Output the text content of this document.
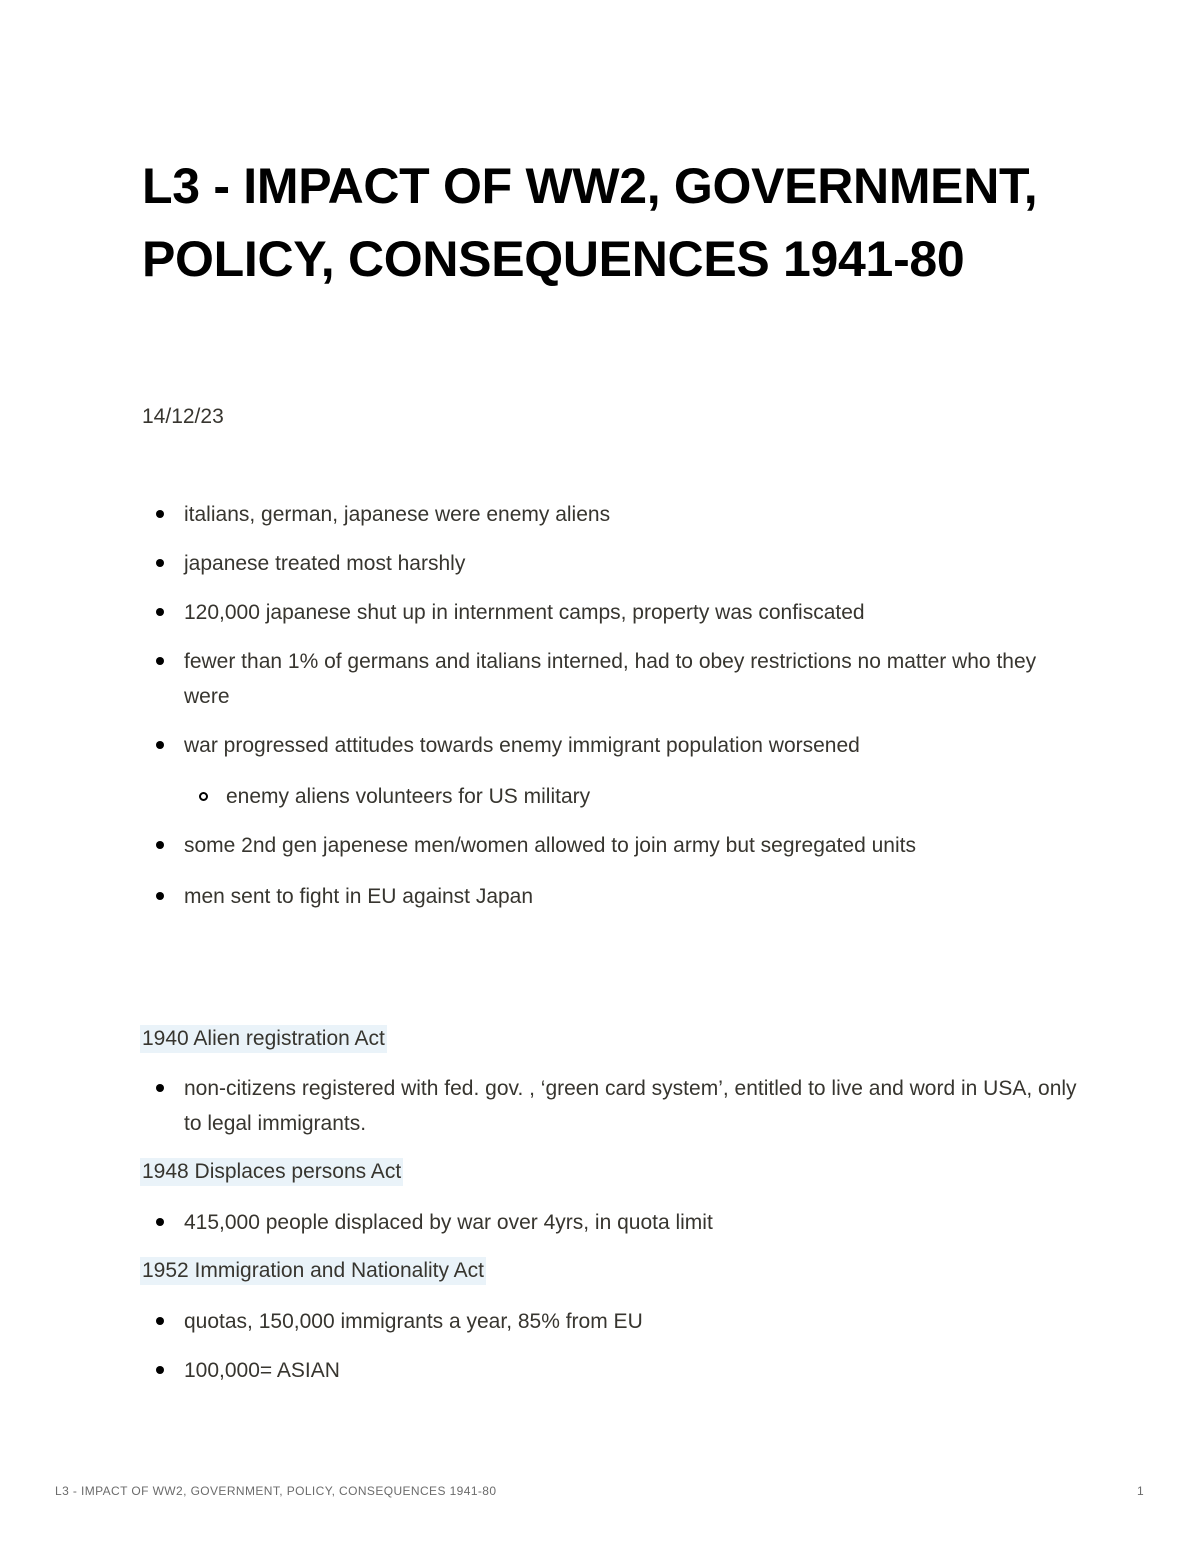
L3 - IMPACT OF WW2, GOVERNMENT, POLICY, CONSEQUENCES 1941-80
14/12/23
italians, german, japanese were enemy aliens
japanese treated most harshly
120,000 japanese shut up in internment camps, property was confiscated
fewer than 1% of germans and italians interned, had to obey restrictions no matter who they were
war progressed attitudes towards enemy immigrant population worsened
enemy aliens volunteers for US military
some 2nd gen japenese men/women allowed to join army but segregated units
men sent to fight in EU against Japan
1940 Alien registration Act
non-citizens registered with fed. gov. , ‘green card system’, entitled to live and word in USA, only to legal immigrants.
1948 Displaces persons Act
415,000 people displaced by war over 4yrs, in quota limit
1952 Immigration and Nationality Act
quotas, 150,000 immigrants a year, 85% from EU
100,000= ASIAN
L3 - IMPACT OF WW2, GOVERNMENT, POLICY, CONSEQUENCES 1941-80	1
